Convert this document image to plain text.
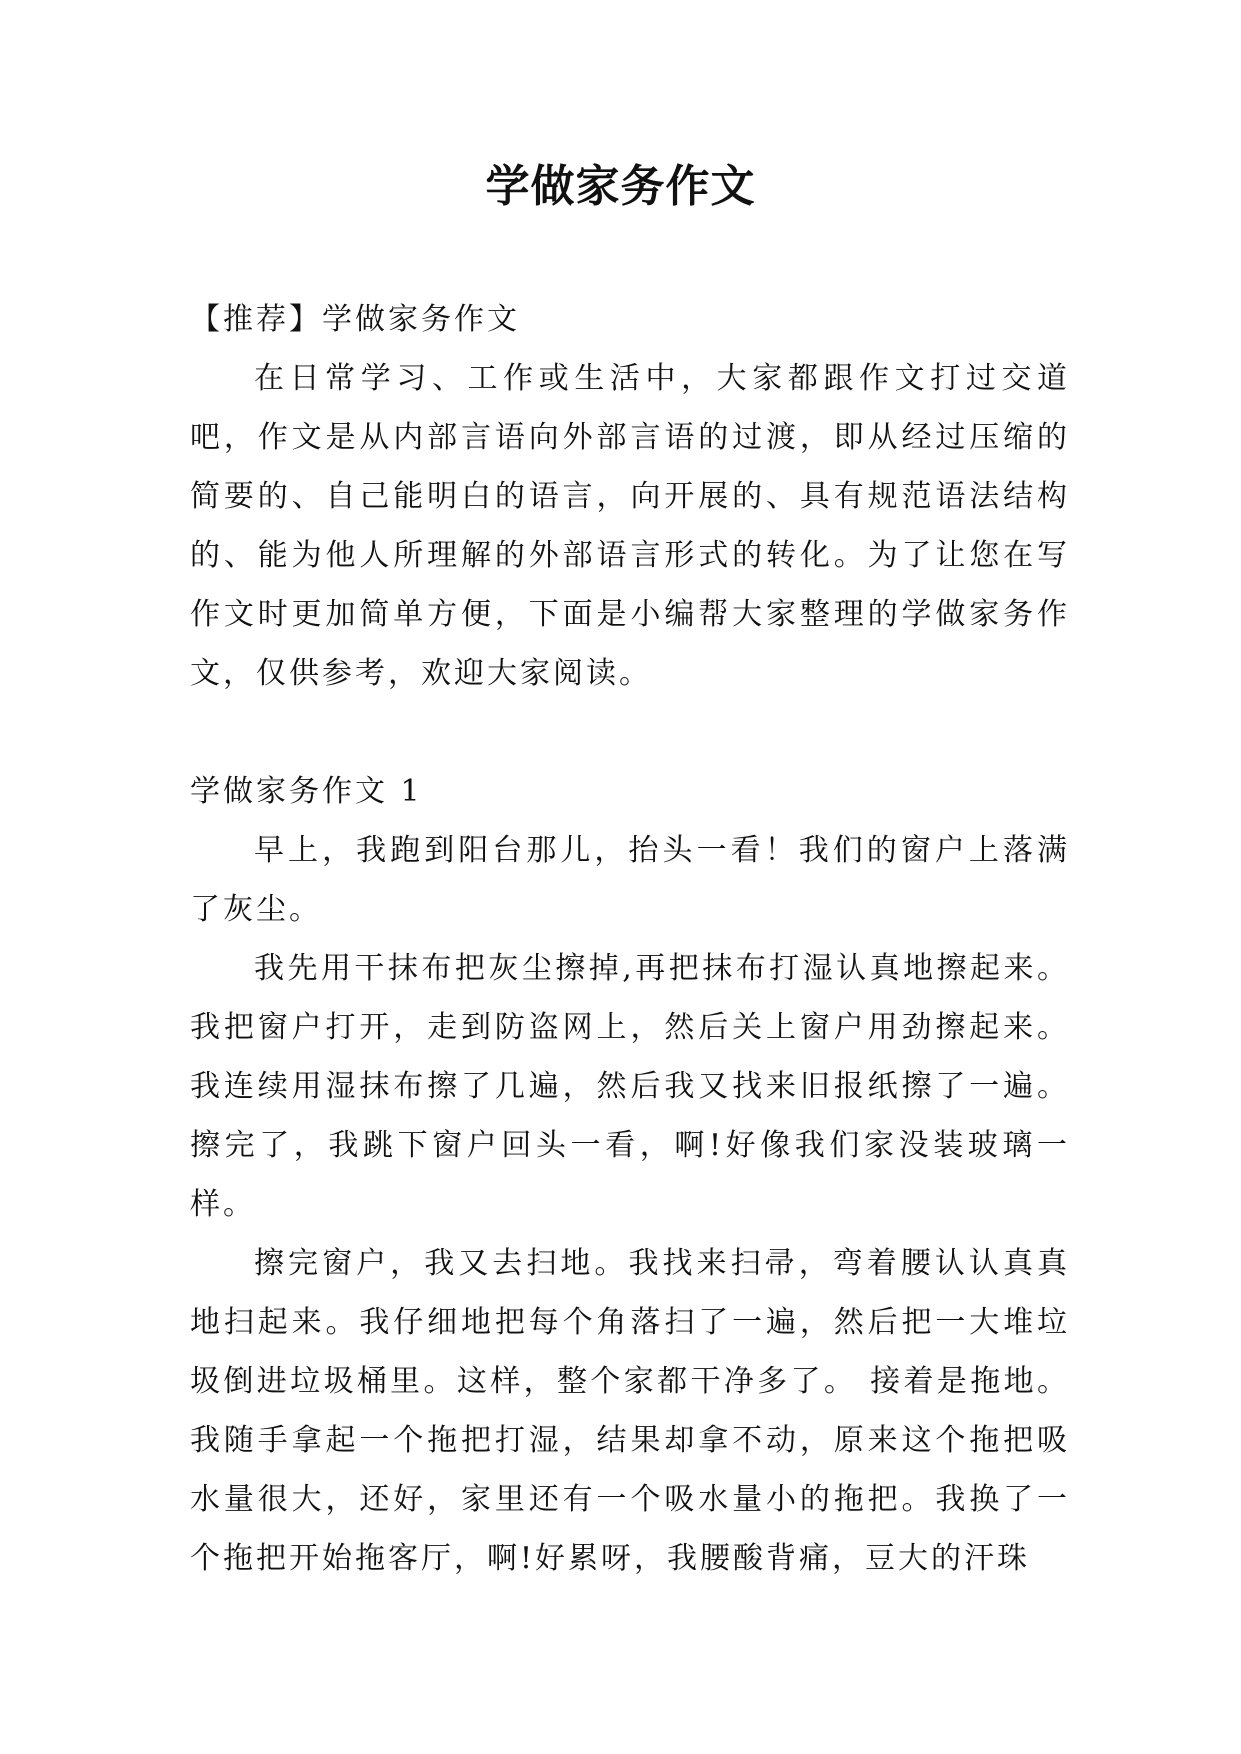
学做家务作文

【推荐】学做家务作文

在日常学习、工作或生活中，大家都跟作文打过交道吧，作文是从内部言语向外部言语的过渡，即从经过压缩的简要的、自己能明白的语言，向开展的、具有规范语法结构的、能为他人所理解的外部语言形式的转化。为了让您在写作文时更加简单方便，下面是小编帮大家整理的学做家务作文，仅供参考，欢迎大家阅读。

学做家务作文 1

早上，我跑到阳台那儿，抬头一看！我们的窗户上落满了灰尘。

我先用干抹布把灰尘擦掉,再把抹布打湿认真地擦起来。我把窗户打开，走到防盗网上，然后关上窗户用劲擦起来。我连续用湿抹布擦了几遍，然后我又找来旧报纸擦了一遍。擦完了，我跳下窗户回头一看，啊!好像我们家没装玻璃一样。

擦完窗户，我又去扫地。我找来扫帚，弯着腰认认真真地扫起来。我仔细地把每个角落扫了一遍，然后把一大堆垃圾倒进垃圾桶里。这样，整个家都干净多了。 接着是拖地。我随手拿起一个拖把打湿，结果却拿不动，原来这个拖把吸水量很大，还好，家里还有一个吸水量小的拖把。我换了一个拖把开始拖客厅，啊!好累呀，我腰酸背痛，豆大的汗珠
